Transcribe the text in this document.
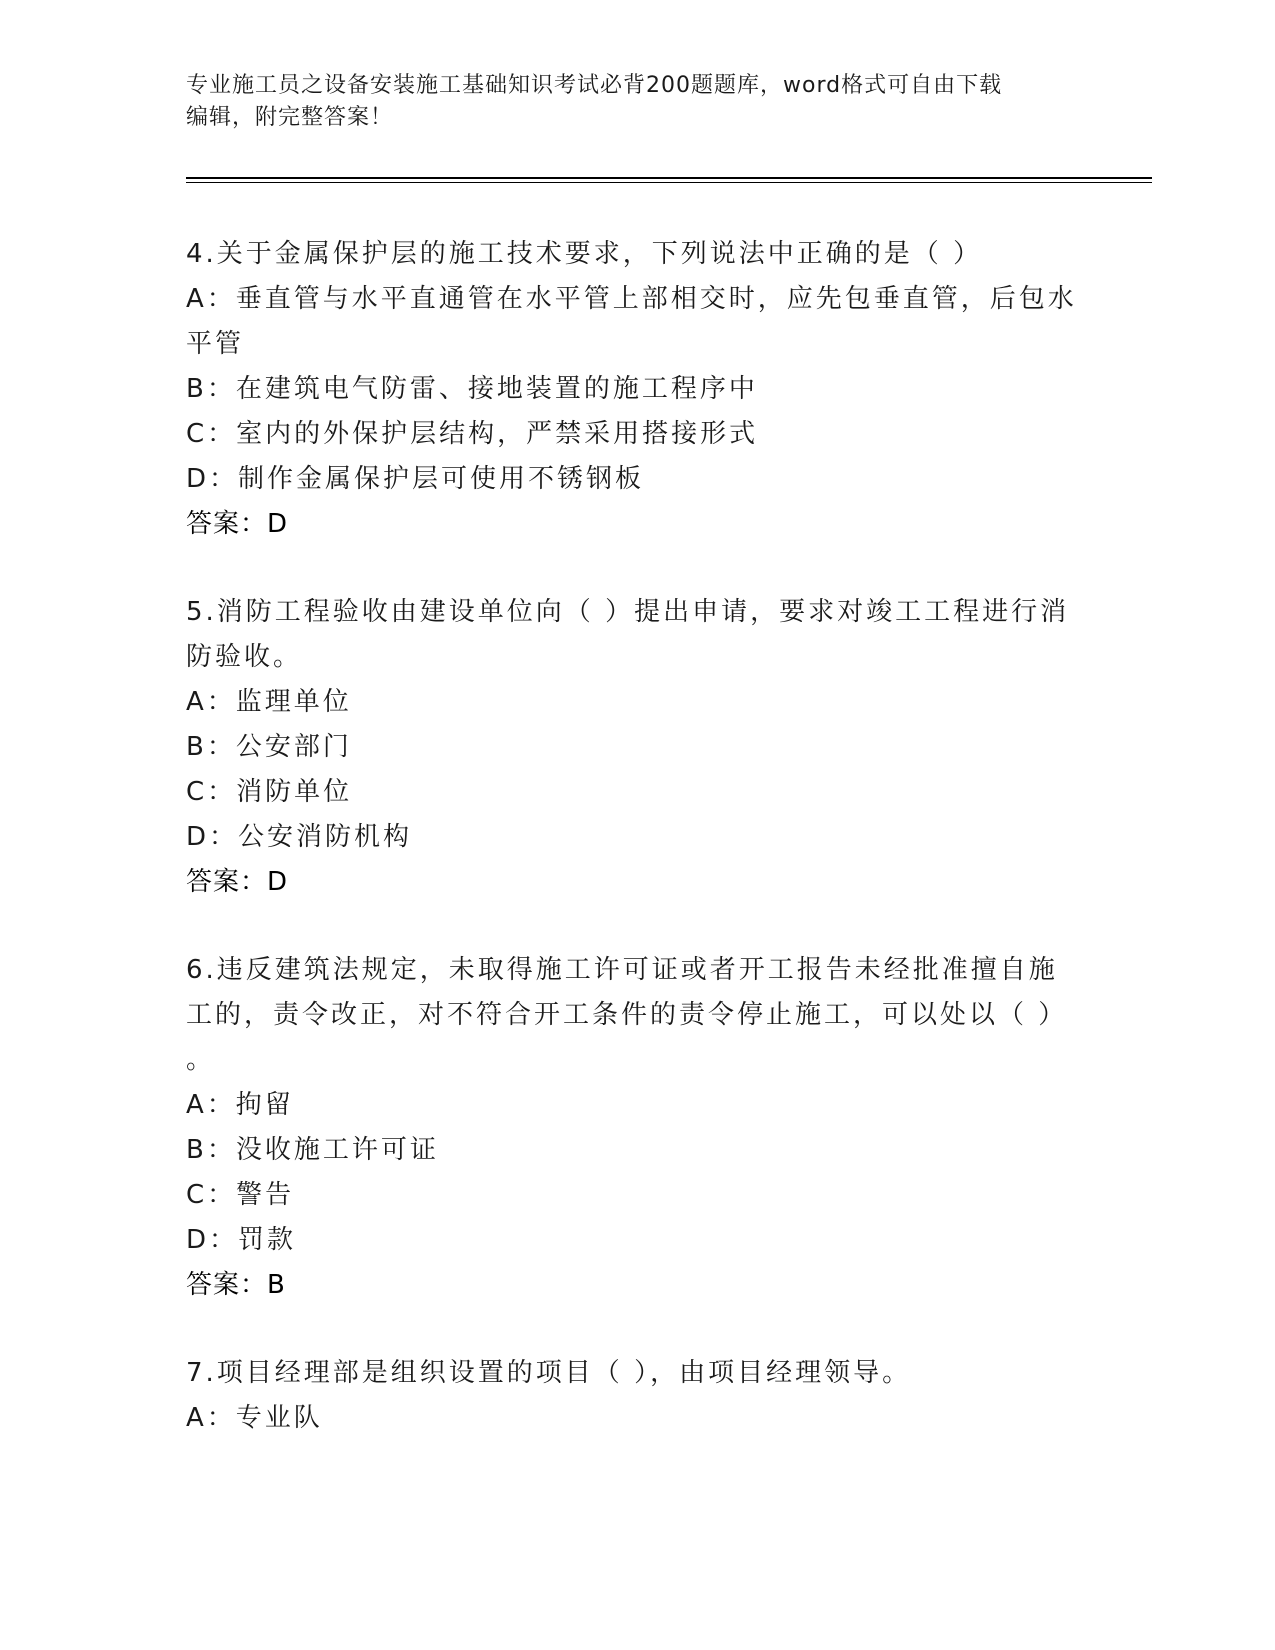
专业施工员之设备安装施工基础知识考试必背200题题库，word格式可自由下载
编辑，附完整答案！
4.关于金属保护层的施工技术要求，下列说法中正确的是（ ）
A：垂直管与水平直通管在水平管上部相交时，应先包垂直管，后包水
平管
B：在建筑电气防雷、接地装置的施工程序中
C：室内的外保护层结构，严禁采用搭接形式
D：制作金属保护层可使用不锈钢板
答案：D
5.消防工程验收由建设单位向（ ）提出申请，要求对竣工工程进行消
防验收。
A：监理单位
B：公安部门
C：消防单位
D：公安消防机构
答案：D
6.违反建筑法规定，未取得施工许可证或者开工报告未经批准擅自施
工的，责令改正，对不符合开工条件的责令停止施工，可以处以（ ）
。
A：拘留
B：没收施工许可证
C：警告
D：罚款
答案：B
7.项目经理部是组织设置的项目（ ），由项目经理领导。
A：专业队
